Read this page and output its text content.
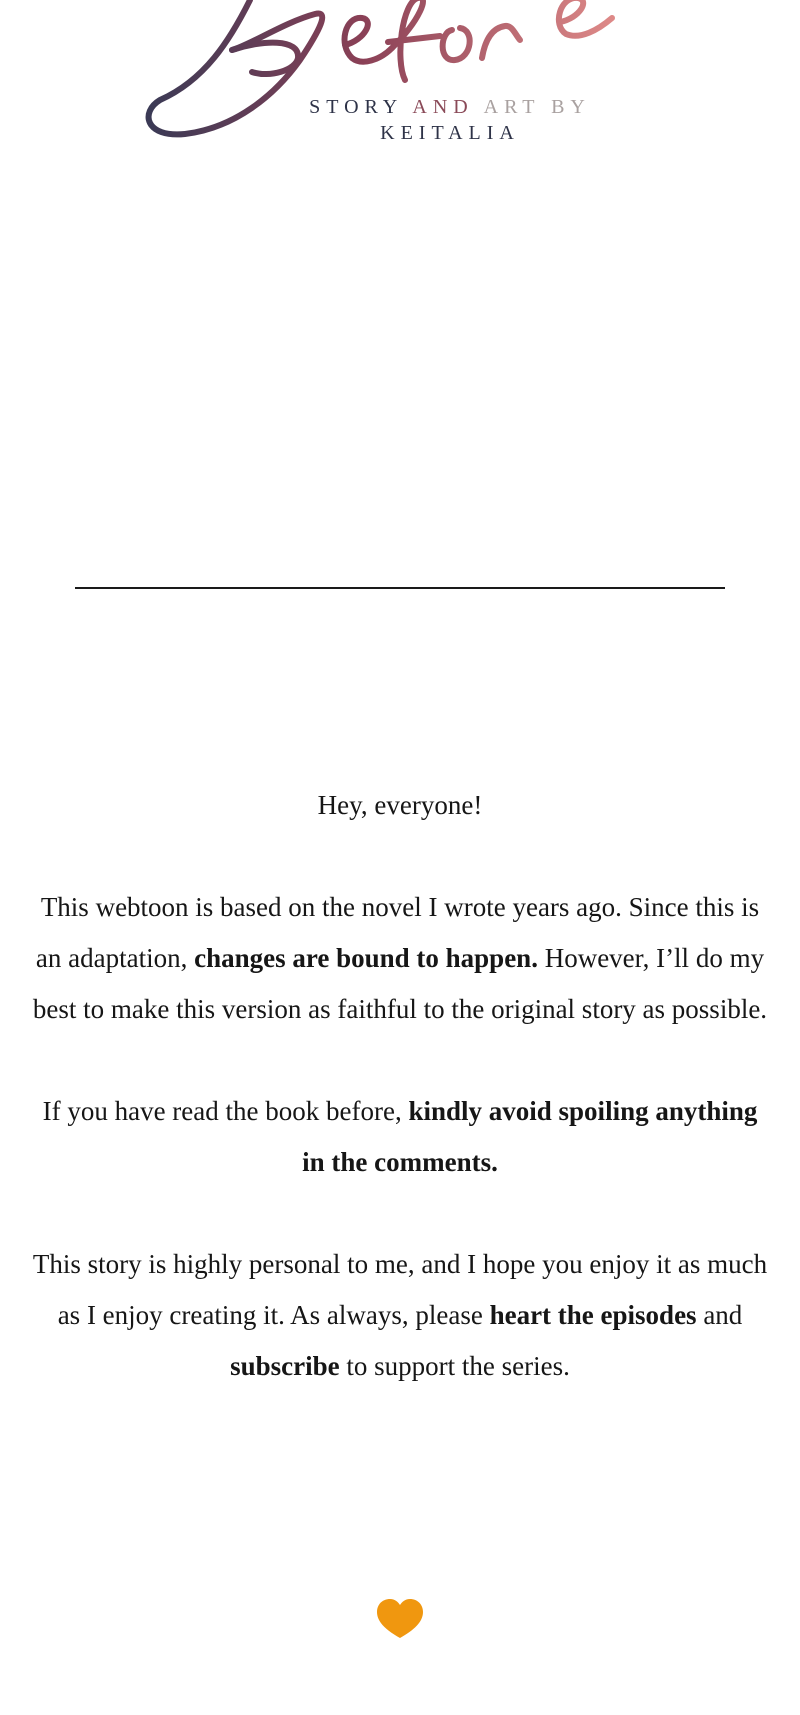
STORY AND ART BY
KEITALIA

Hey, everyone!

This webtoon is based on the novel I wrote years ago. Since this is an adaptation, changes are bound to happen. However, I’ll do my best to make this version as faithful to the original story as possible.

If you have read the book before, kindly avoid spoiling anything in the comments.

This story is highly personal to me, and I hope you enjoy it as much as I enjoy creating it. As always, please heart the episodes and subscribe to support the series.
